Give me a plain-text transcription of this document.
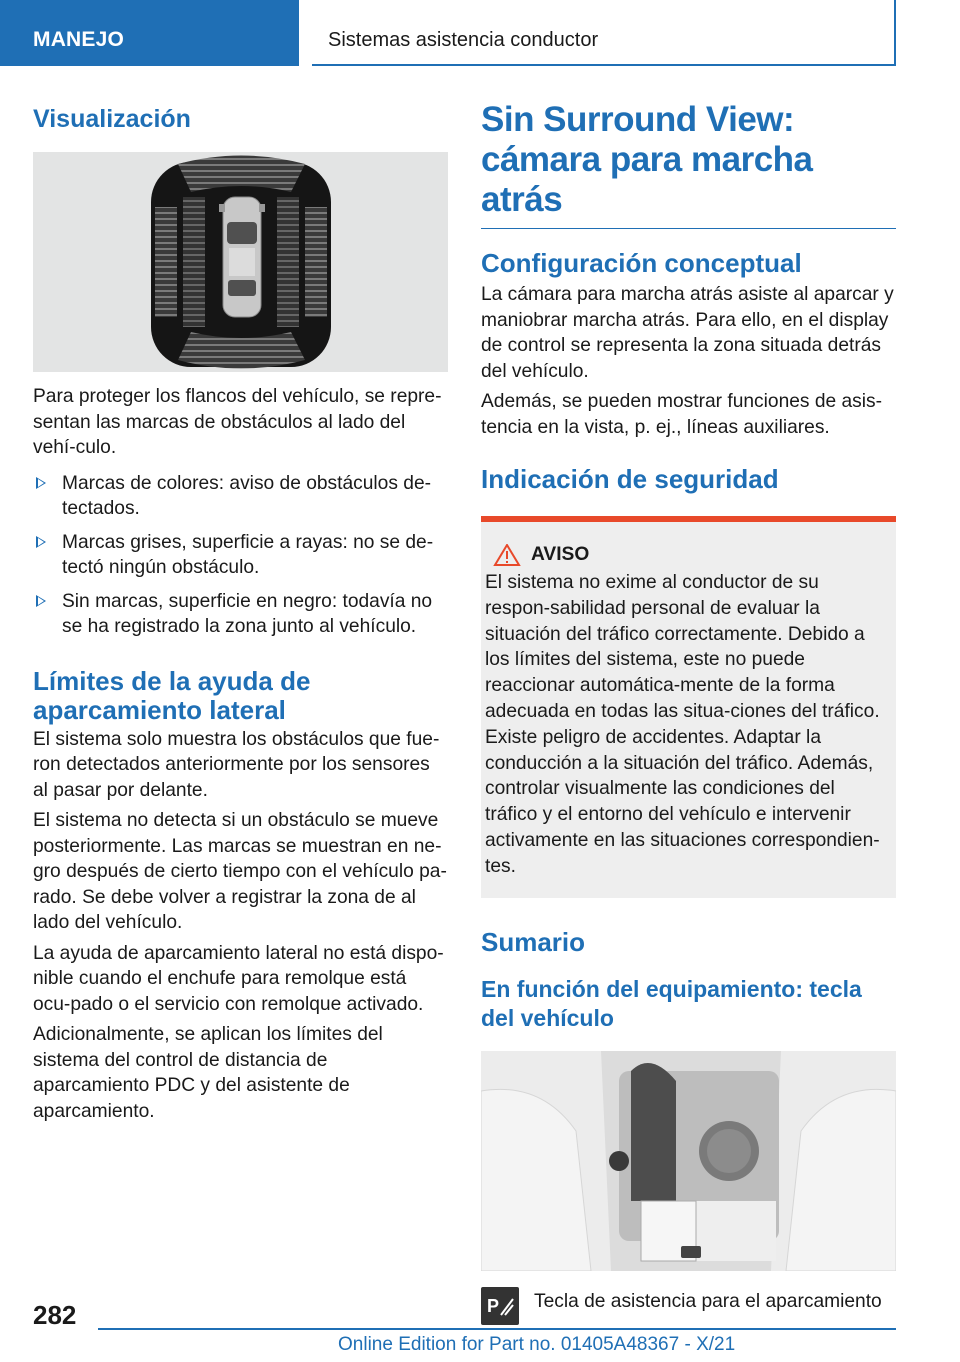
MANEJO	Sistemas asistencia conductor
Visualización

Para proteger los flancos del vehículo, se repre-sentan las marcas de obstáculos al lado del vehí-culo.

Marcas de colores: aviso de obstáculos de-tectados.
Marcas grises, superficie a rayas: no se de-tectó ningún obstáculo.
Sin marcas, superficie en negro: todavía no se ha registrado la zona junto al vehículo.
Límites de la ayuda de aparcamiento lateral

El sistema solo muestra los obstáculos que fue-ron detectados anteriormente por los sensores al pasar por delante.

El sistema no detecta si un obstáculo se mueve posteriormente. Las marcas se muestran en ne-gro después de cierto tiempo con el vehículo pa-rado. Se debe volver a registrar la zona de al lado del vehículo.

La ayuda de aparcamiento lateral no está dispo-nible cuando el enchufe para remolque está ocu-pado o el servicio con remolque activado.

Adicionalmente, se aplican los límites del sistema del control de distancia de aparcamiento PDC y del asistente de aparcamiento.

Sin Surround View: cámara para marcha atrás
Configuración conceptual

La cámara para marcha atrás asiste al aparcar y maniobrar marcha atrás. Para ello, en el display de control se representa la zona situada detrás del vehículo.

Además, se pueden mostrar funciones de asis-tencia en la vista, p. ej., líneas auxiliares.

Indicación de seguridad
AVISO

El sistema no exime al conductor de su respon-sabilidad personal de evaluar la situación del tráfico correctamente. Debido a los límites del sistema, este no puede reaccionar automática-mente de la forma adecuada en todas las situa-ciones del tráfico. Existe peligro de accidentes. Adaptar la conducción a la situación del tráfico. Además, controlar visualmente las condiciones del tráfico y el entorno del vehículo e intervenir activamente en las situaciones correspondien-tes.

Sumario
En función del equipamiento: tecla del vehículo
P Tecla de asistencia para el aparcamiento
282
Online Edition for Part no. 01405A48367 - X/21
